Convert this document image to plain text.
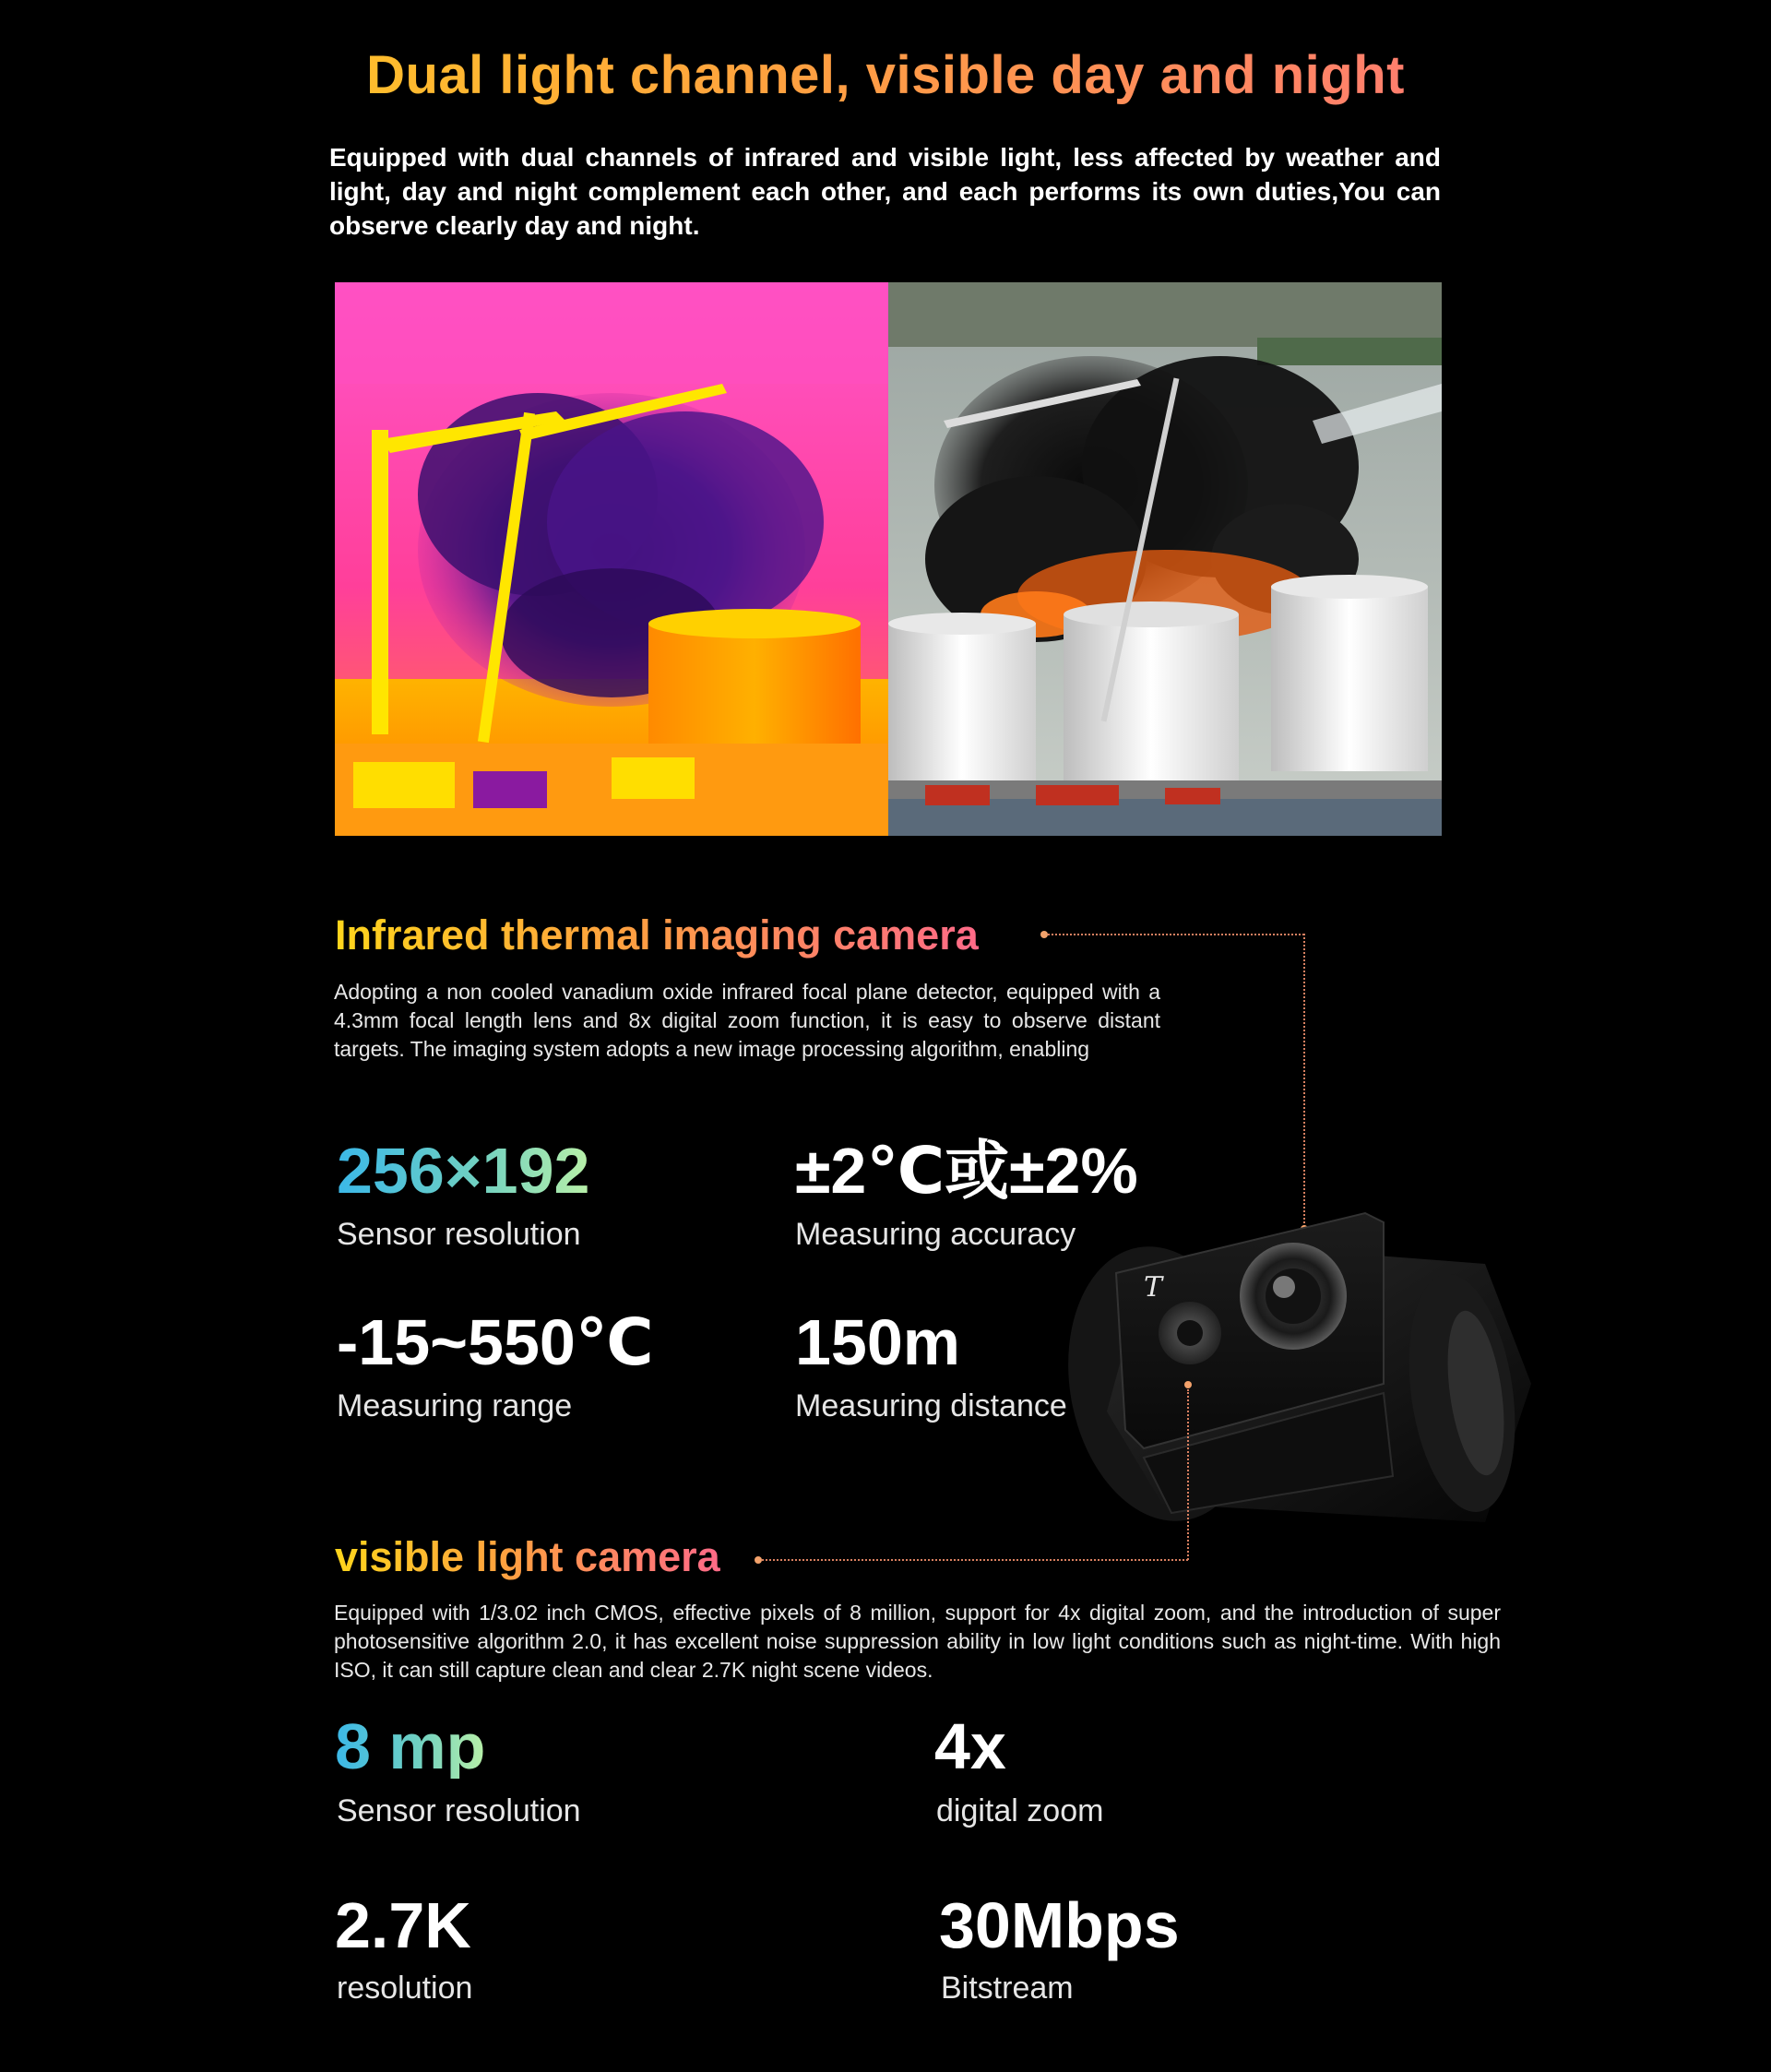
Dual light channel, visible day and night

Equipped with dual channels of infrared and visible light, less affected by weather and light, day and night complement each other, and each performs its own duties,You can observe clearly day and night.

Infrared thermal imaging camera

Adopting a non cooled vanadium oxide infrared focal plane detector, equipped with a 4.3mm focal length lens and 8x digital zoom function, it is easy to observe distant targets. The imaging system adopts a new image processing algorithm, enabling

256×192
Sensor resolution
±2℃或±2%
Measuring accuracy
-15~550℃
Measuring range
150m
Measuring distance
T
visible light camera

Equipped with 1/3.02 inch CMOS, effective pixels of 8 million, support for 4x digital zoom, and the introduction of super photosensitive algorithm 2.0, it has excellent noise suppression ability in low light conditions such as night-time. With high ISO, it can still capture clean and clear 2.7K night scene videos.

8 mp
Sensor resolution
4x
digital zoom
2.7K
resolution
30Mbps
Bitstream
